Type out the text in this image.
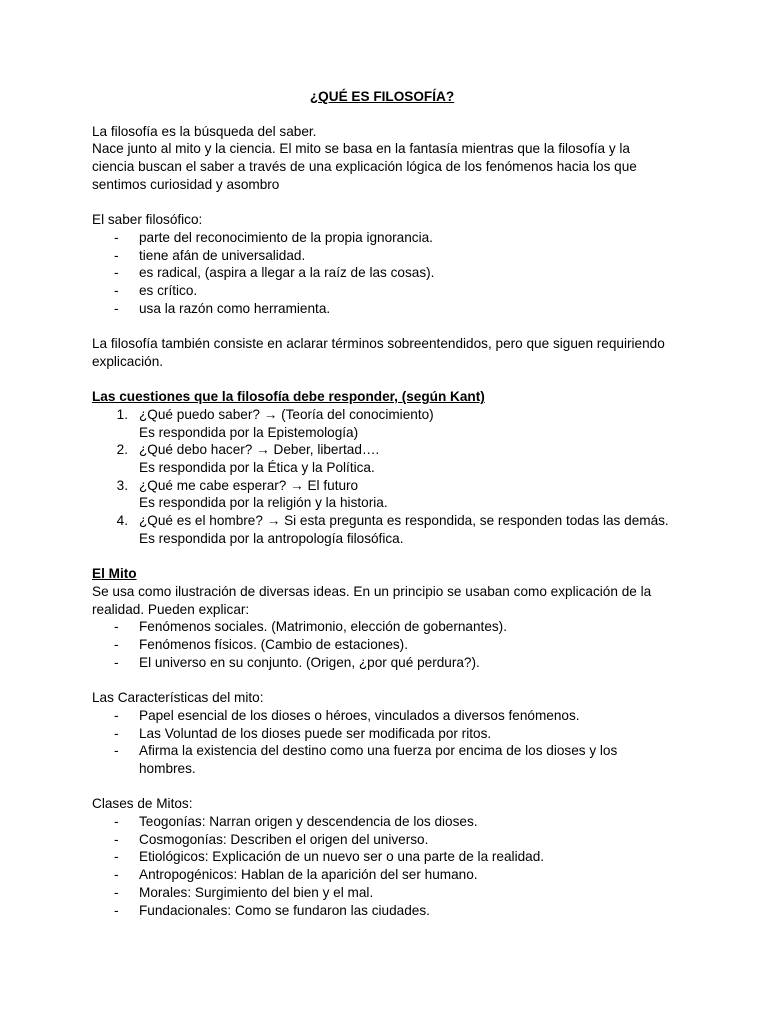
¿QUÉ ES FILOSOFÍA?

La filosofía es la búsqueda del saber.

Nace junto al mito y la ciencia. El mito se basa en la fantasía mientras que la filosofía y la ciencia buscan el saber a través de una explicación lógica de los fenómenos hacia los que sentimos curiosidad y asombro

El saber filosófico:

- parte del reconocimiento de la propia ignorancia.
- tiene afán de universalidad.
- es radical, (aspira a llegar a la raíz de las cosas).
- es crítico.
- usa la razón como herramienta.

La filosofía también consiste en aclarar términos sobreentendidos, pero que siguen requiriendo explicación.

Las cuestiones que la filosofía debe responder, (según Kant)

1. ¿Qué puedo saber? → (Teoría del conocimiento)
Es respondida por la Epistemología)
2. ¿Qué debo hacer? → Deber, libertad….
Es respondida por la Ética y la Política.
3. ¿Qué me cabe esperar? → El futuro
Es respondida por la religión y la historia.
4. ¿Qué es el hombre? → Si esta pregunta es respondida, se responden todas las demás.
Es respondida por la antropología filosófica.

El Mito

Se usa como ilustración de diversas ideas. En un principio se usaban como explicación de la realidad. Pueden explicar:

- Fenómenos sociales. (Matrimonio, elección de gobernantes).
- Fenómenos físicos. (Cambio de estaciones).
- El universo en su conjunto. (Origen, ¿por qué perdura?).

Las Características del mito:

- Papel esencial de los dioses o héroes, vinculados a diversos fenómenos.
- Las Voluntad de los dioses puede ser modificada por ritos.
- Afirma la existencia del destino como una fuerza por encima de los dioses y los hombres.

Clases de Mitos:

- Teogonías: Narran origen y descendencia de los dioses.
- Cosmogonías: Describen el origen del universo.
- Etiológicos: Explicación de un nuevo ser o una parte de la realidad.
- Antropogénicos: Hablan de la aparición del ser humano.
- Morales: Surgimiento del bien y el mal.
- Fundacionales: Como se fundaron las ciudades.
